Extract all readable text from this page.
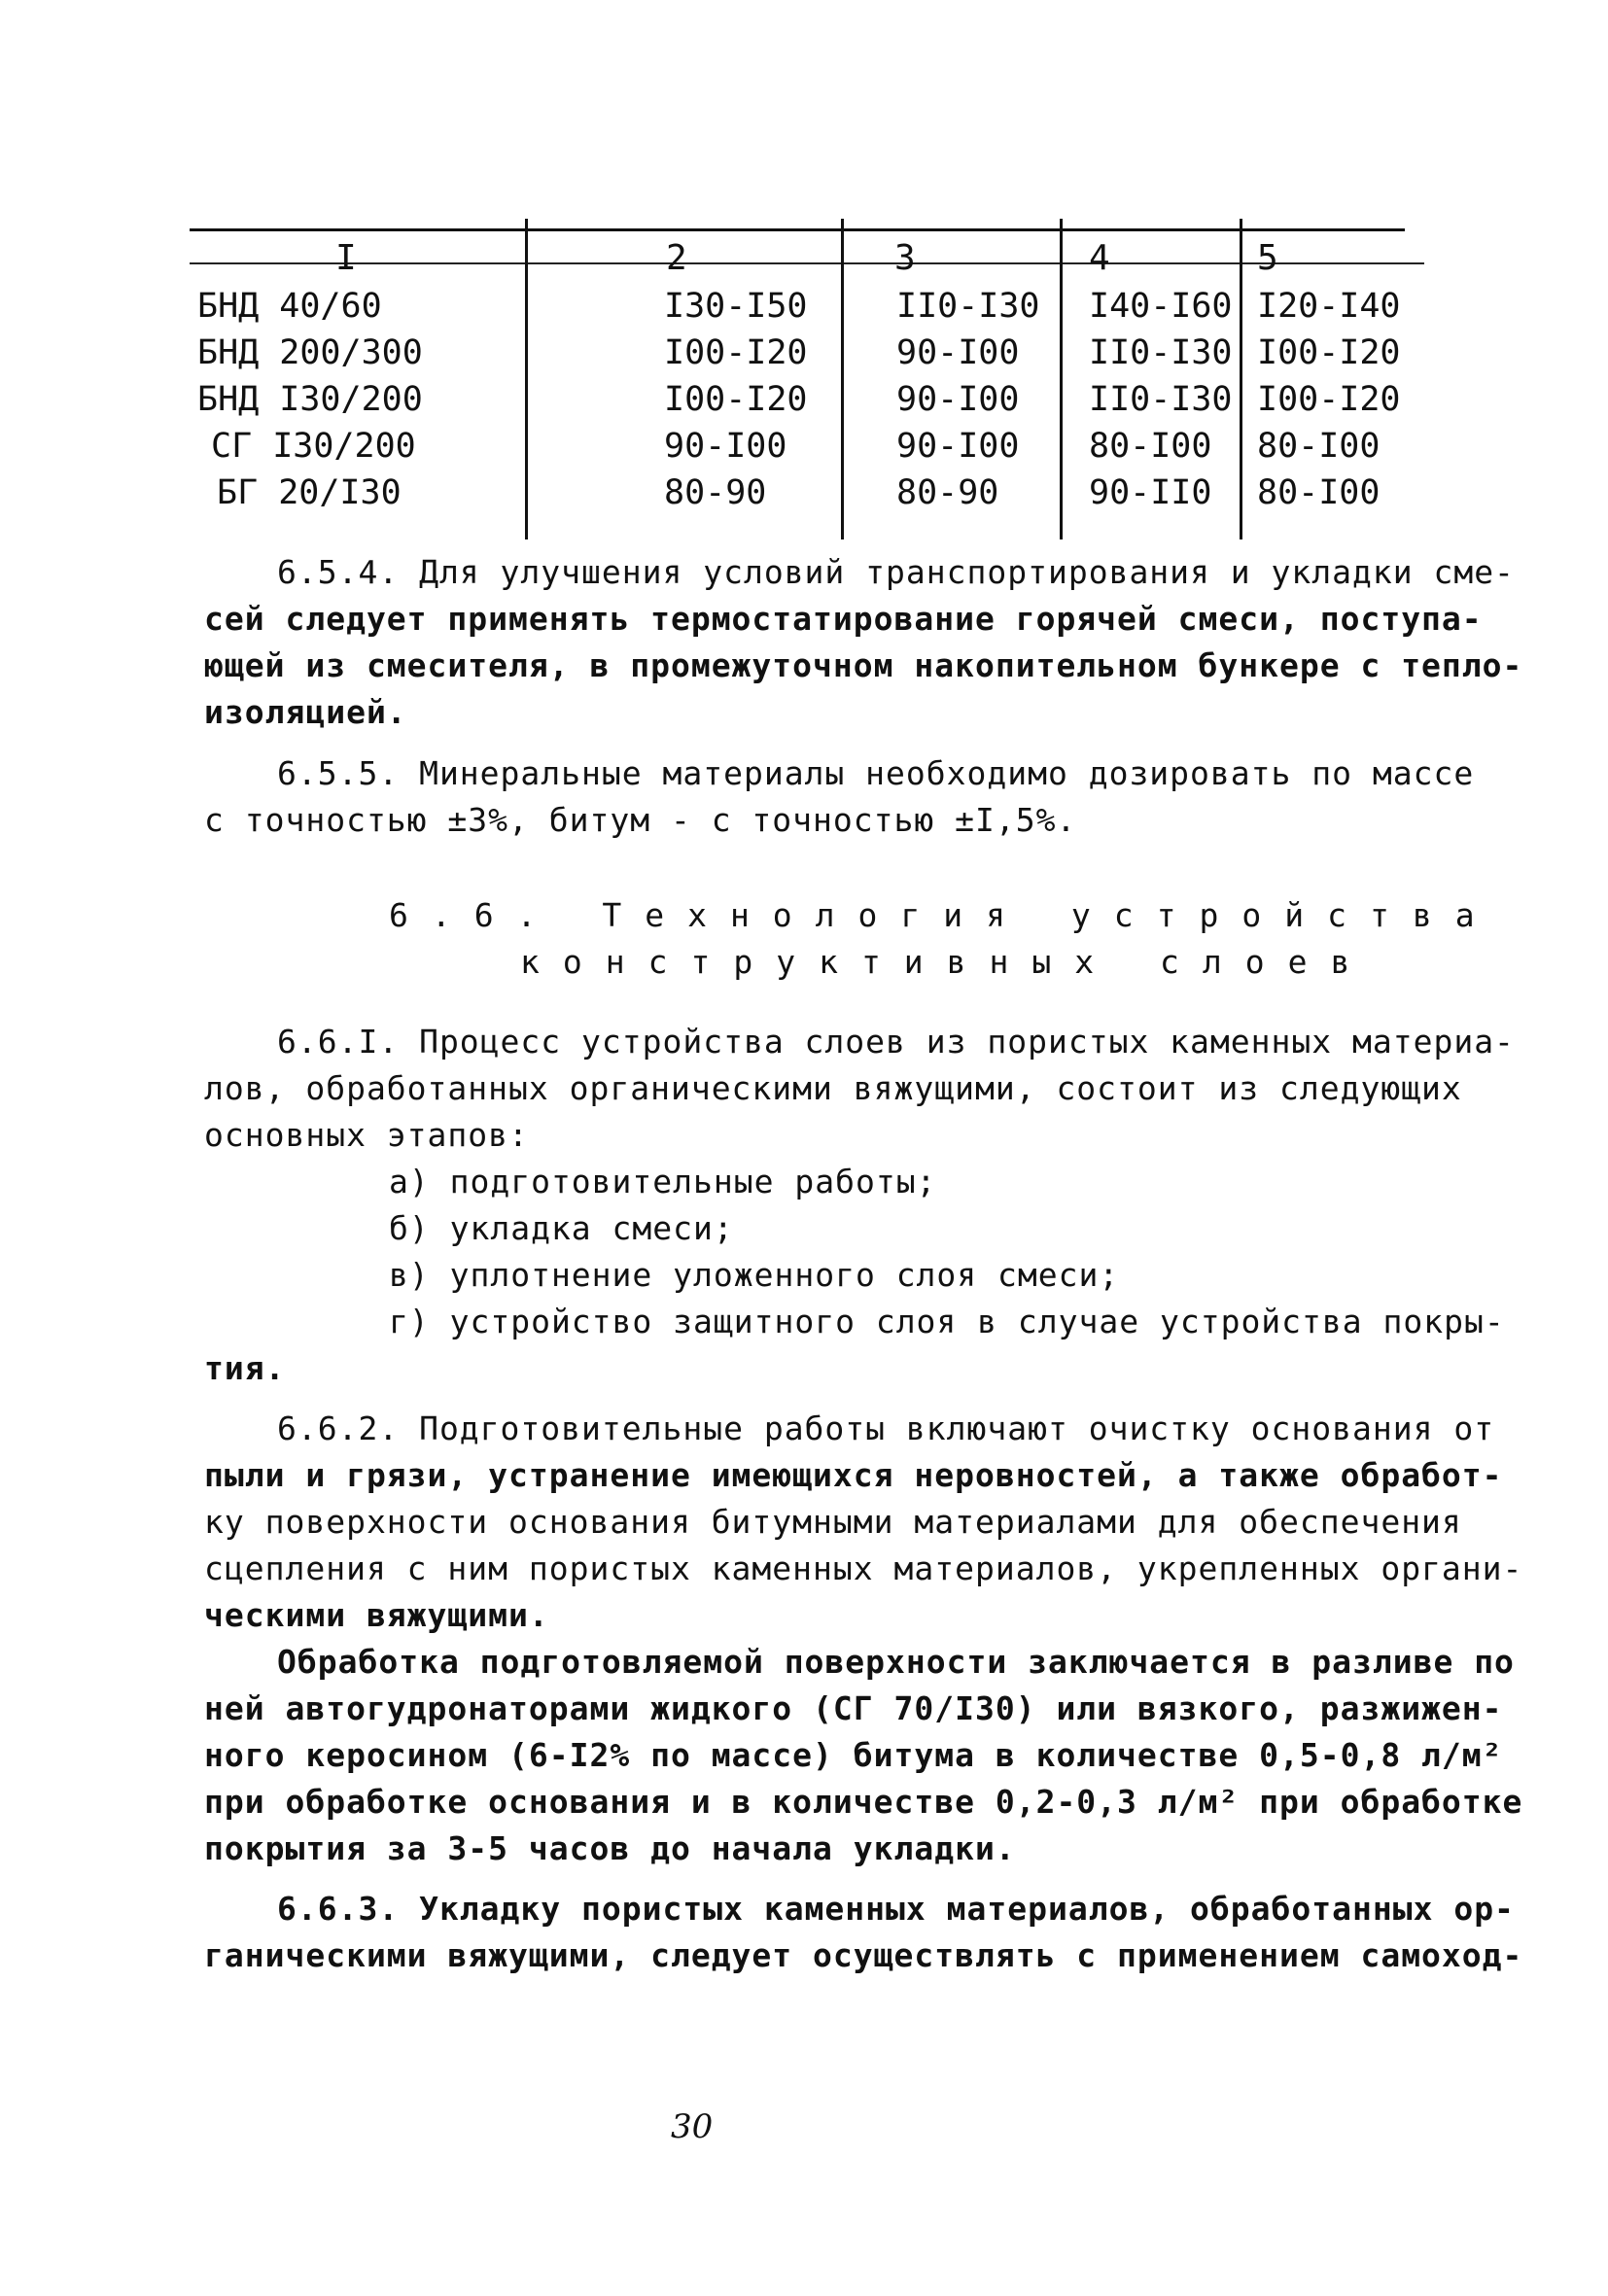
I	2	3	4	5
БНД 40/60	I30-I50	II0-I30 I40-I60 I20-I40
БНД 200/300	I00-I20	90-I00 II0-I30 I00-I20
БНД I30/200	I00-I20	90-I00 II0-I30 I00-I20
СГ I30/200	90-I00	90-I00 80-I00 80-I00
БГ 20/I30	80-90	80-90	90-II0 80-I00
6.5.4. Для улучшения условий транспортирования и укладки сме-
сей следует применять термостатирование горячей смеси, поступа-
ющей из смесителя, в промежуточном накопительном бункере с тепло-
изоляцией.
6.5.5. Минеральные материалы необходимо дозировать по массе
с точностью ±3%, битум - с точностью ±I,5%.
6.6. Технология устройства
конструктивных слоев
6.6.I. Процесс устройства слоев из пористых каменных материа-
лов, обработанных органическими вяжущими, состоит из следующих
основных этапов:
а) подготовительные работы;
б) укладка смеси;
в) уплотнение уложенного слоя смеси;
г) устройство защитного слоя в случае устройства покры-
тия.
6.6.2. Подготовительные работы включают очистку основания от
пыли и грязи, устранение имеющихся неровностей, а также обработ-
ку поверхности основания битумными материалами для обеспечения
сцепления с ним пористых каменных материалов, укрепленных органи-
ческими вяжущими.
Обработка подготовляемой поверхности заключается в разливе по
ней автогудронаторами жидкого (СГ 70/I30) или вязкого, разжижен-
ного керосином (6-I2% по массе) битума в количестве 0,5-0,8 л/м²
при обработке основания и в количестве 0,2-0,3 л/м² при обработке
покрытия за 3-5 часов до начала укладки.
6.6.3. Укладку пористых каменных материалов, обработанных ор-
ганическими вяжущими, следует осуществлять с применением самоход-
30
